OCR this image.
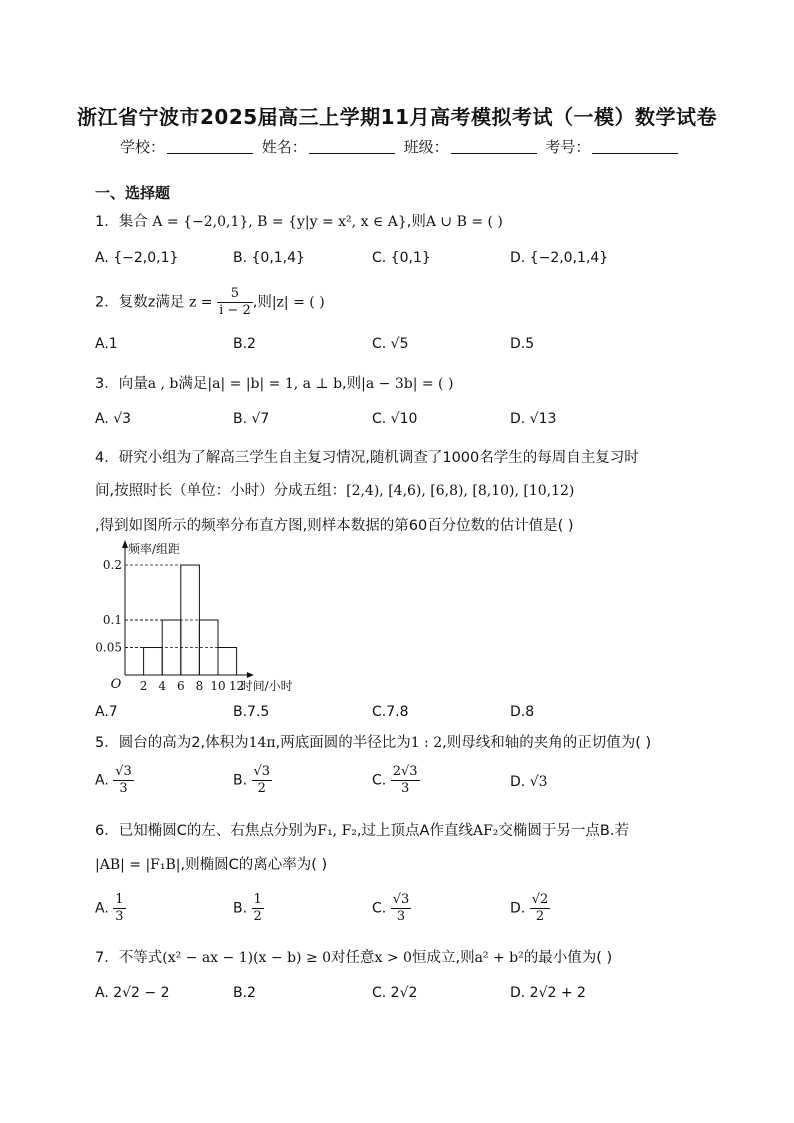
浙江省宁波市2025届高三上学期11月高考模拟考试（一模）数学试卷
学校：	姓名：	班级：	考号：
一、选择题
1．集合 A = {−2,0,1}, B = {y|y = x², x ∈ A},则A ∪ B = ( )
A. {−2,0,1}	B. {0,1,4}	C. {0,1}	D. {−2,0,1,4}
2．复数z满足 $z = \frac{5}{i - 2}$ ,则|z| = ( )
A.1	B.2	C. √5	D.5
3．向量a , b满足|a| = |b| = 1, a ⊥ b,则|a − 3b| = ( )
A. √3	B. √7	C. √10	D. √13
4．研究小组为了解高三学生自主复习情况,随机调查了1000名学生的每周自主复习时
间,按照时长（单位：小时）分成五组：[2,4), [4,6), [6,8), [8,10), [10,12)
,得到如图所示的频率分布直方图,则样本数据的第60百分位数的估计值是( )
0.05
0.1
0.2
2 4 6 8 10 12
O
频率/组距
时间/小时
A.7	B.7.5	C.7.8	D.8
5．圆台的高为2,体积为14π,两底面圆的半径比为1 : 2,则母线和轴的夹角的正切值为( )
A. $\frac{√3}{3}$	B. $\frac{√3}{2}$	C. $\frac{2√3}{3}$	D. √3
6．已知椭圆C的左、右焦点分别为F₁, F₂,过上顶点A作直线AF₂交椭圆于另一点B.若
|AB| = |F₁B|,则椭圆C的离心率为( )
A. $\frac{1}{3}$	B. $\frac{1}{2}$	C. $\frac{√3}{3}$	D. $\frac{√2}{2}$
7．不等式(x² − ax − 1)(x − b) ≥ 0对任意x > 0恒成立,则a² + b²的最小值为( )
A. 2√2 − 2	B.2	C. 2√2	D. 2√2 + 2
